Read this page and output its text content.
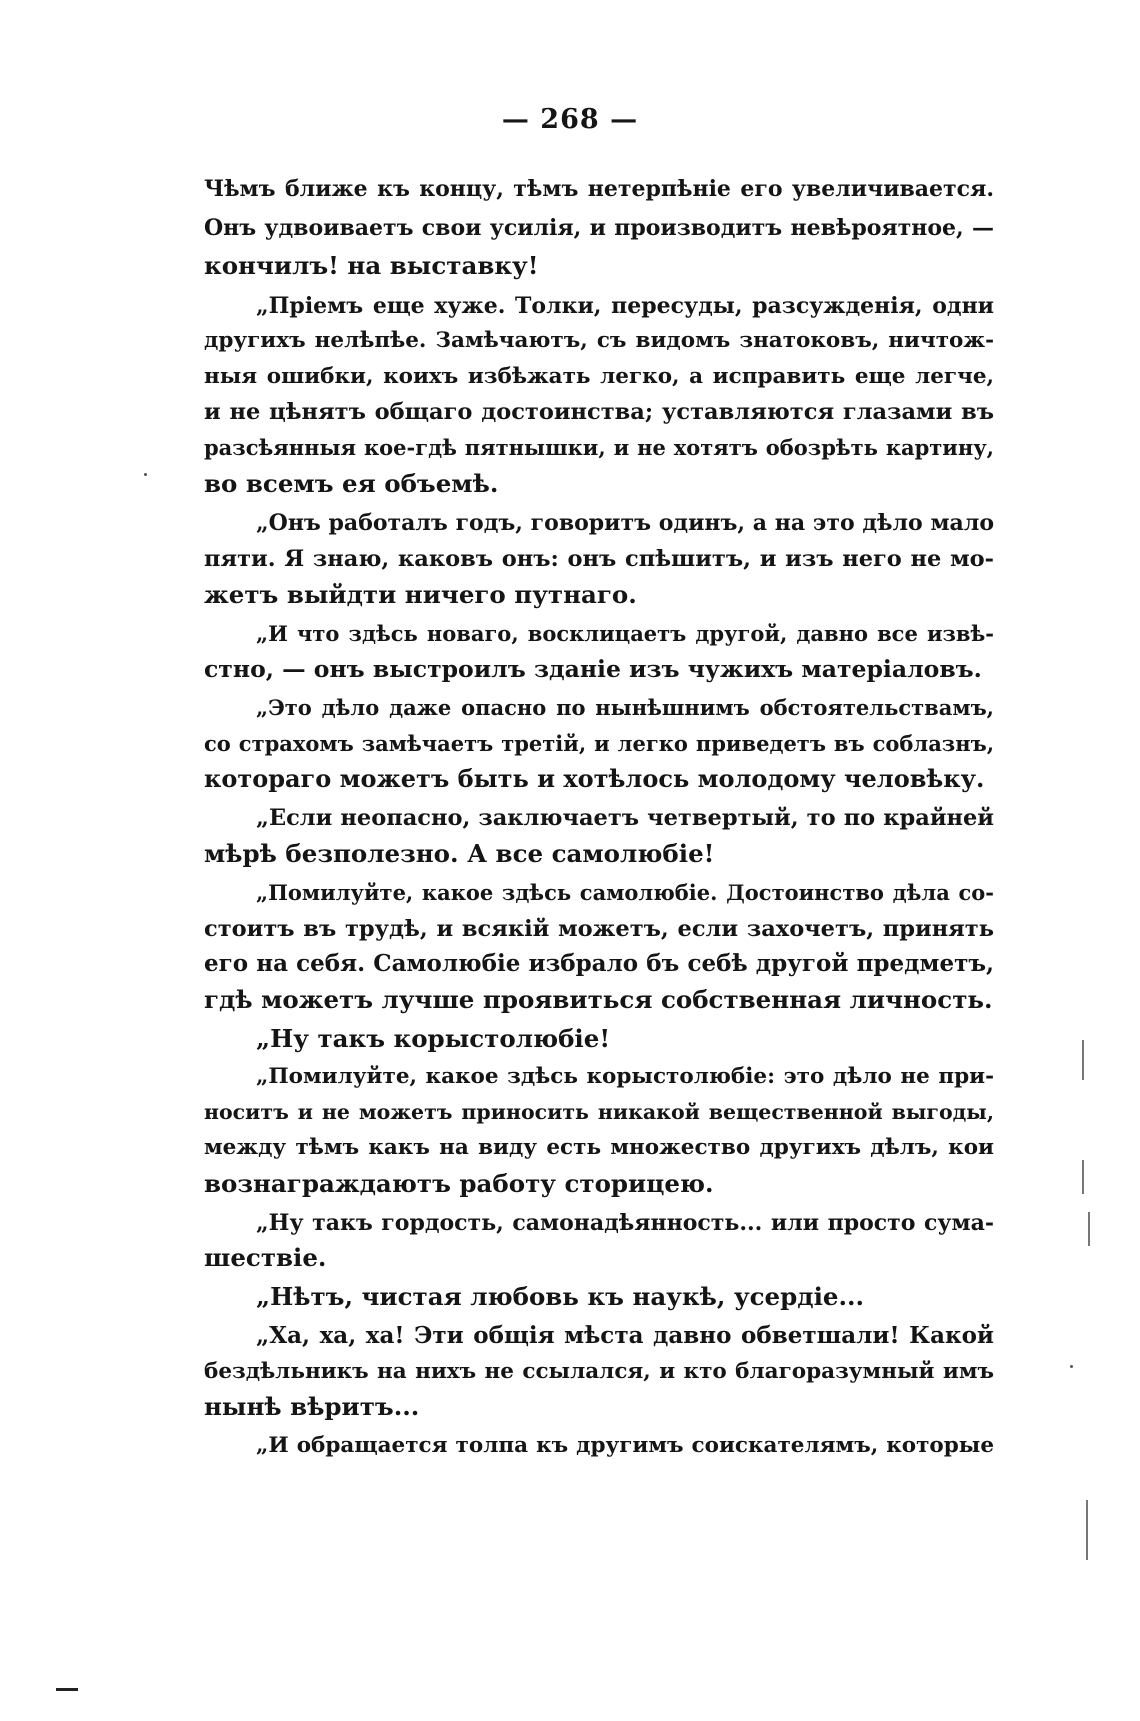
— 268 —
Чѣмъ ближе къ концу, тѣмъ нетерпѣніе его увеличивается.
Онъ удвоиваетъ свои усилія, и производитъ невѣроятное, —
кончилъ! на выставку!
„Пріемъ еще хуже. Толки, пересуды, разсужденія, одни
другихъ нелѣпѣе. Замѣчаютъ, съ видомъ знатоковъ, ничтож-
ныя ошибки, коихъ избѣжать легко, а исправить еще легче,
и не цѣнятъ общаго достоинства; уставляются глазами въ
разсѣянныя кое-гдѣ пятнышки, и не хотятъ обозрѣть картину,
во всемъ ея объемѣ.
„Онъ работалъ годъ, говоритъ одинъ, а на это дѣло мало
пяти. Я знаю, каковъ онъ: онъ спѣшитъ, и изъ него не мо-
жетъ выйдти ничего путнаго.
„И что здѣсь новаго, восклицаетъ другой, давно все извѣ-
стно, — онъ выстроилъ зданіе изъ чужихъ матеріаловъ.
„Это дѣло даже опасно по нынѣшнимъ обстоятельствамъ,
со страхомъ замѣчаетъ третій, и легко приведетъ въ соблазнъ,
котораго можетъ быть и хотѣлось молодому человѣку.
„Если неопасно, заключаетъ четвертый, то по крайней
мѣрѣ безполезно. А все самолюбіе!
„Помилуйте, какое здѣсь самолюбіе. Достоинство дѣла со-
стоитъ въ трудѣ, и всякій можетъ, если захочетъ, принять
его на себя. Самолюбіе избрало бъ себѣ другой предметъ,
гдѣ можетъ лучше проявиться собственная личность.
„Ну такъ корыстолюбіе!
„Помилуйте, какое здѣсь корыстолюбіе: это дѣло не при-
носитъ и не можетъ приносить никакой вещественной выгоды,
между тѣмъ какъ на виду есть множество другихъ дѣлъ, кои
вознаграждаютъ работу сторицею.
„Ну такъ гордость, самонадѣянность... или просто сума-
шествіе.
„Нѣтъ, чистая любовь къ наукѣ, усердіе...
„Ха, ха, ха! Эти общія мѣста давно обветшали! Какой
бездѣльникъ на нихъ не ссылался, и кто благоразумный имъ
нынѣ вѣритъ...
„И обращается толпа къ другимъ соискателямъ, которые
